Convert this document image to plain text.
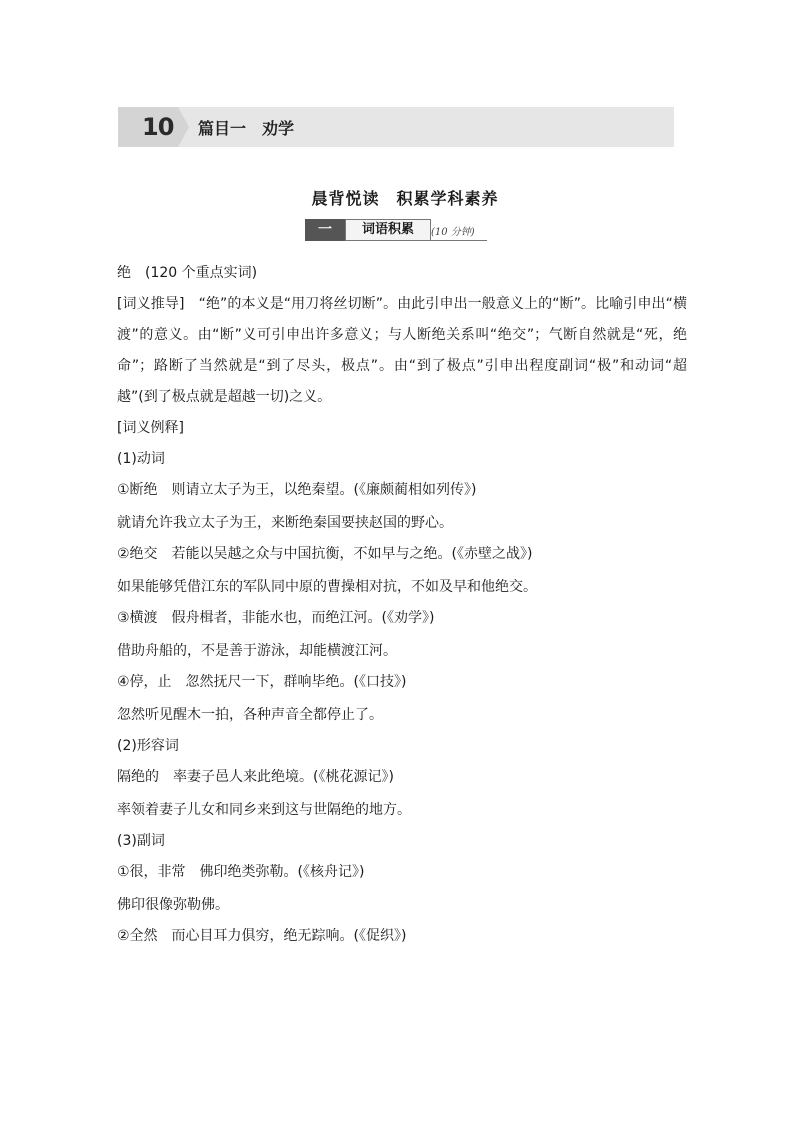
10 篇目一　劝学
晨背悦读　积累学科素养
一	词语积累	(10 分钟)

绝　(120 个重点实词)

[词义推导]　“绝”的本义是“用刀将丝切断”。由此引申出一般意义上的“断”。比喻引申出“横渡”的意义。由“断”义可引申出许多意义；与人断绝关系叫“绝交”；气断自然就是“死，绝命”；路断了当然就是“到了尽头，极点”。由“到了极点”引申出程度副词“极”和动词“超越”(到了极点就是超越一切)之义。

[词义例释]

(1)动词

①断绝　则请立太子为王，以绝秦望。(《廉颇蔺相如列传》)

就请允许我立太子为王，来断绝秦国要挟赵国的野心。

②绝交　若能以吴越之众与中国抗衡，不如早与之绝。(《赤壁之战》)

如果能够凭借江东的军队同中原的曹操相对抗，不如及早和他绝交。

③横渡　假舟楫者，非能水也，而绝江河。(《劝学》)

借助舟船的，不是善于游泳，却能横渡江河。

④停，止　忽然抚尺一下，群响毕绝。(《口技》)

忽然听见醒木一拍，各种声音全都停止了。

(2)形容词

隔绝的　率妻子邑人来此绝境。(《桃花源记》)

率领着妻子儿女和同乡来到这与世隔绝的地方。

(3)副词

①很，非常　佛印绝类弥勒。(《核舟记》)

佛印很像弥勒佛。

②全然　而心目耳力俱穷，绝无踪响。(《促织》)
